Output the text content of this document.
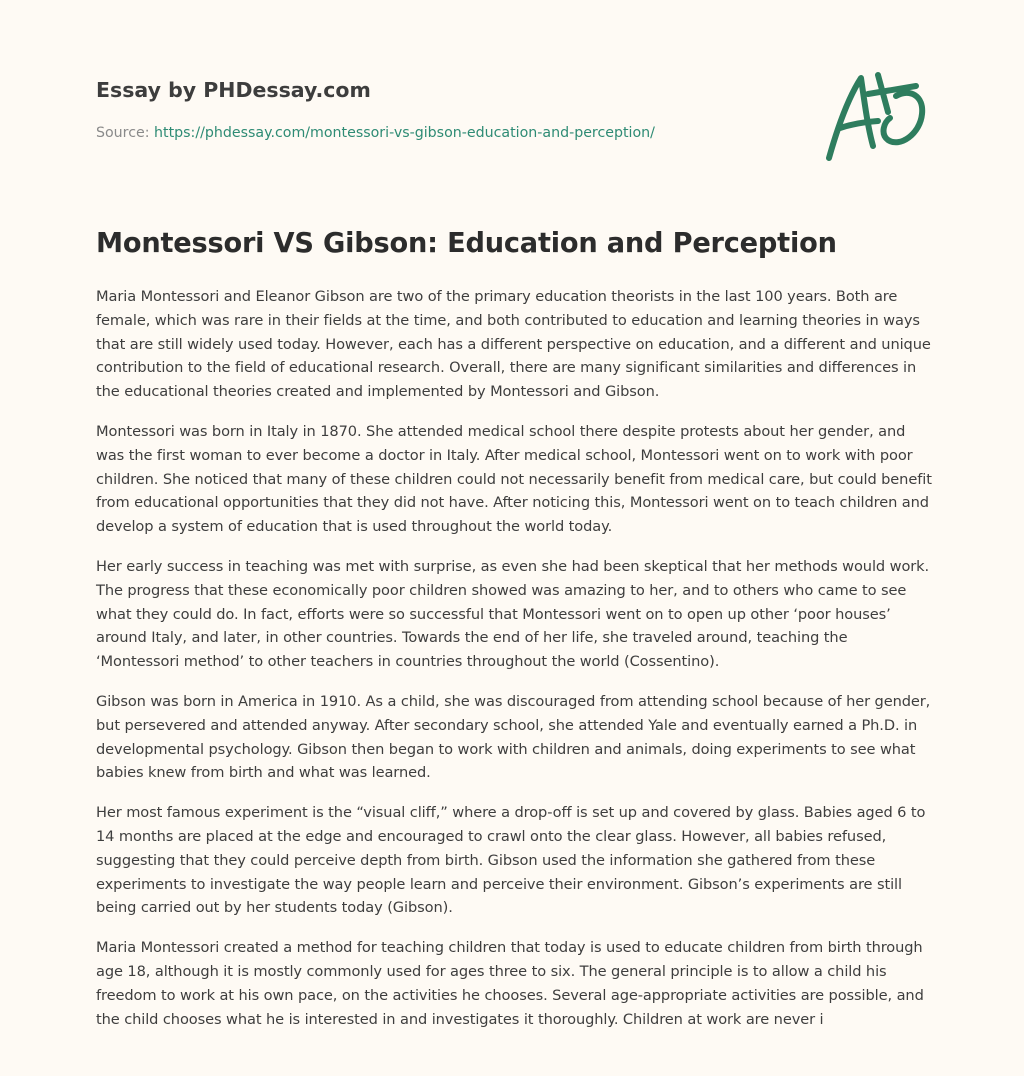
Essay by PHDessay.com

Source: https://phdessay.com/montessori-vs-gibson-education-and-perception/
Montessori VS Gibson: Education and Perception

Maria Montessori and Eleanor Gibson are two of the primary education theorists in the last 100 years. Both are female, which was rare in their fields at the time, and both contributed to education and learning theories in ways that are still widely used today. However, each has a different perspective on education, and a different and unique contribution to the field of educational research. Overall, there are many significant similarities and differences in the educational theories created and implemented by Montessori and Gibson.

Montessori was born in Italy in 1870. She attended medical school there despite protests about her gender, and was the first woman to ever become a doctor in Italy. After medical school, Montessori went on to work with poor children. She noticed that many of these children could not necessarily benefit from medical care, but could benefit from educational opportunities that they did not have. After noticing this, Montessori went on to teach children and develop a system of education that is used throughout the world today.

Her early success in teaching was met with surprise, as even she had been skeptical that her methods would work. The progress that these economically poor children showed was amazing to her, and to others who came to see what they could do. In fact, efforts were so successful that Montessori went on to open up other ‘poor houses’ around Italy, and later, in other countries. Towards the end of her life, she traveled around, teaching the ‘Montessori method’ to other teachers in countries throughout the world (Cossentino).

Gibson was born in America in 1910. As a child, she was discouraged from attending school because of her gender, but persevered and attended anyway. After secondary school, she attended Yale and eventually earned a Ph.D. in developmental psychology. Gibson then began to work with children and animals, doing experiments to see what babies knew from birth and what was learned.

Her most famous experiment is the “visual cliff,” where a drop-off is set up and covered by glass. Babies aged 6 to 14 months are placed at the edge and encouraged to crawl onto the clear glass. However, all babies refused, suggesting that they could perceive depth from birth. Gibson used the information she gathered from these experiments to investigate the way people learn and perceive their environment. Gibson’s experiments are still being carried out by her students today (Gibson).

Maria Montessori created a method for teaching children that today is used to educate children from birth through age 18, although it is mostly commonly used for ages three to six. The general principle is to allow a child his freedom to work at his own pace, on the activities he chooses. Several age-appropriate activities are possible, and the child chooses what he is interested in and investigates it thoroughly. Children at work are never i
